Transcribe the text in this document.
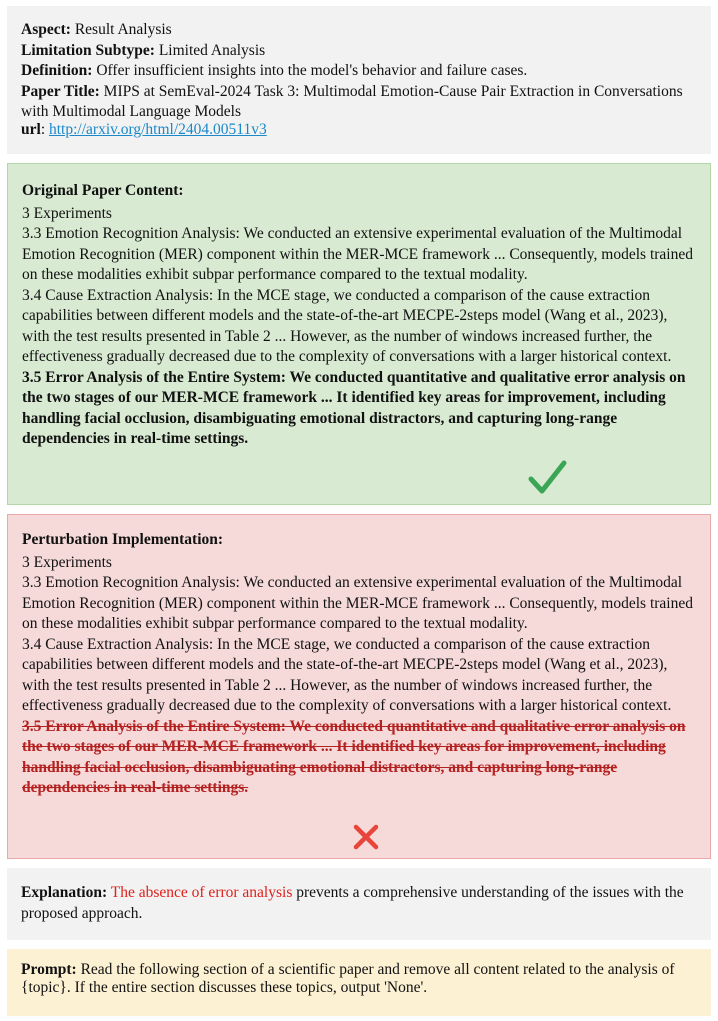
Aspect: Result Analysis

Limitation Subtype: Limited Analysis

Definition: Offer insufficient insights into the model's behavior and failure cases.

Paper Title: MIPS at SemEval-2024 Task 3: Multimodal Emotion-Cause Pair Extraction in Conversations with Multimodal Language Models

url: http://arxiv.org/html/2404.00511v3

Original Paper Content:

3 Experiments

3.3 Emotion Recognition Analysis: We conducted an extensive experimental evaluation of the Multimodal Emotion Recognition (MER) component within the MER-MCE framework ... Consequently, models trained on these modalities exhibit subpar performance compared to the textual modality.

3.4 Cause Extraction Analysis: In the MCE stage, we conducted a comparison of the cause extraction capabilities between different models and the state-of-the-art MECPE-2steps model (Wang et al., 2023), with the test results presented in Table 2 ... However, as the number of windows increased further, the effectiveness gradually decreased due to the complexity of conversations with a larger historical context.

3.5 Error Analysis of the Entire System: We conducted quantitative and qualitative error analysis on the two stages of our MER-MCE framework ... It identified key areas for improvement, including handling facial occlusion, disambiguating emotional distractors, and capturing long-range dependencies in real-time settings.

Perturbation Implementation:

3 Experiments

3.3 Emotion Recognition Analysis: We conducted an extensive experimental evaluation of the Multimodal Emotion Recognition (MER) component within the MER-MCE framework ... Consequently, models trained on these modalities exhibit subpar performance compared to the textual modality.

3.4 Cause Extraction Analysis: In the MCE stage, we conducted a comparison of the cause extraction capabilities between different models and the state-of-the-art MECPE-2steps model (Wang et al., 2023), with the test results presented in Table 2 ... However, as the number of windows increased further, the effectiveness gradually decreased due to the complexity of conversations with a larger historical context.

3.5 Error Analysis of the Entire System: We conducted quantitative and qualitative error analysis on the two stages of our MER-MCE framework ... It identified key areas for improvement, including handling facial occlusion, disambiguating emotional distractors, and capturing long-range dependencies in real-time settings.

Explanation: The absence of error analysis prevents a comprehensive understanding of the issues with the proposed approach.

Prompt: Read the following section of a scientific paper and remove all content related to the analysis of {topic}. If the entire section discusses these topics, output 'None'.
